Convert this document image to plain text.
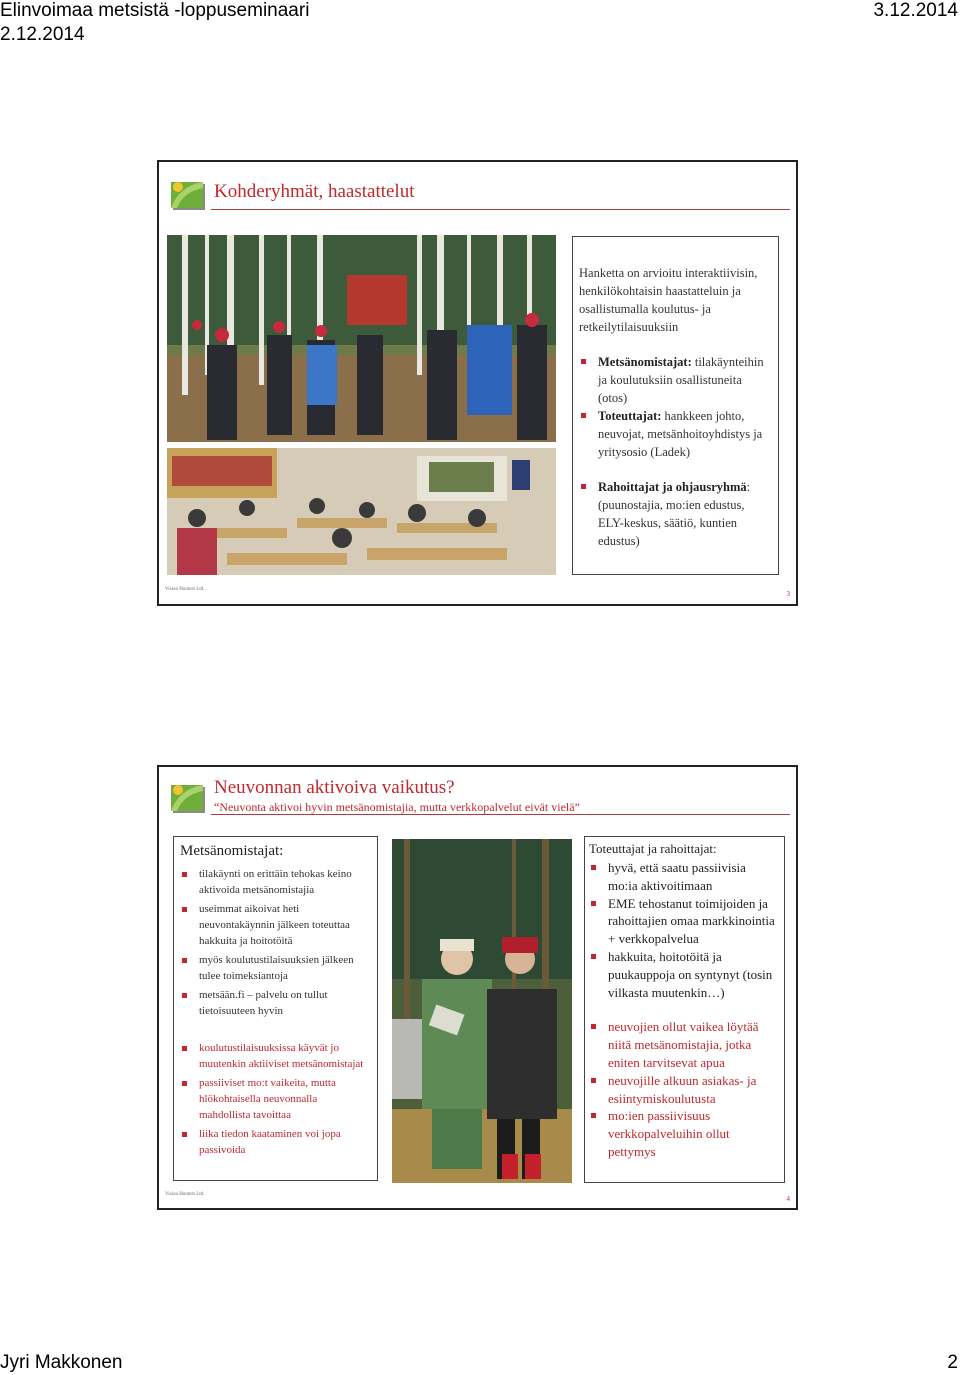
Elinvoimaa metsistä -loppuseminaari	3.12.2014
2.12.2014
Kohderyhmät, haastattelut
Hanketta on arvioitu interaktiivisin, henkilökohtaisin haastatteluin ja osallistumalla koulutus- ja retkeilytilaisuuksiin
Metsänomistajat: tilakäynteihin ja koulutuksiin osallistuneita (otos)
Toteuttajat: hankkeen johto, neuvojat, metsänhoitoyhdistys ja yritysosio (Ladek)
Rahoittajat ja ohjausryhmä: (puunostajia, mo:ien edustus, ELY-keskus, säätiö, kuntien edustus)
Vision Hunters Ltd.
3
Neuvonnan aktivoiva vaikutus?
“Neuvonta aktivoi hyvin metsänomistajia, mutta verkkopalvelut eivät vielä”
Metsänomistajat:
tilakäynti on erittäin tehokas keino aktivoida metsänomistajia
useimmat aikoivat heti neuvontakäynnin jälkeen toteuttaa hakkuita ja hoitotöitä
myös koulutustilaisuuksien jälkeen tulee toimeksiantoja
metsään.fi – palvelu on tullut tietoisuuteen hyvin
koulutustilaisuuksissa käyvät jo muutenkin aktiiviset metsänomistajat
passiiviset mo:t vaikeita, mutta hlökohtaisella neuvonnalla mahdollista tavoittaa
liika tiedon kaataminen voi jopa passivoida
Toteuttajat ja rahoittajat:
hyvä, että saatu passiivisia mo:ia aktivoitimaan
EME tehostanut toimijoiden ja rahoittajien omaa markkinointia + verkkopalvelua
hakkuita, hoitotöitä ja puukauppoja on syntynyt (tosin vilkasta muutenkin…)
neuvojien ollut vaikea löytää niitä metsänomistajia, jotka eniten tarvitsevat apua
neuvojille alkuun asiakas- ja esiintymiskoulutusta
mo:ien passiivisuus verkkopalveluihin ollut pettymys
Vision Hunters Ltd.
4
Jyri Makkonen	2
